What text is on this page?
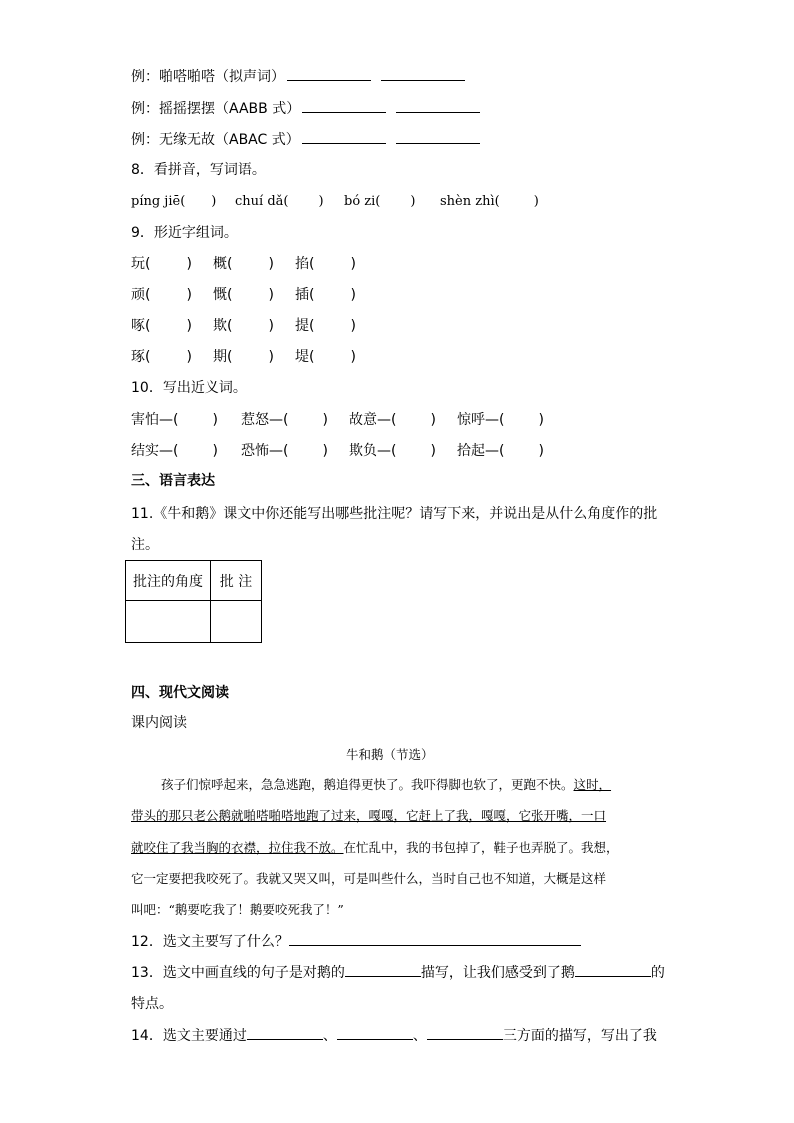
例：啪嗒啪嗒（拟声词）
例：摇摇摆摆（AABB 式）
例：无缘无故（ABAC 式）
8．看拼音，写词语。
píng jiē( ) chuí dǎ( ) bó zi( ) shèn zhì(	)
9．形近字组词。
玩(	) 概(	) 掐(	)
顽(	) 慨(	) 插(	)
啄(	) 欺(	) 提(	)
琢(	) 期(	) 堤(	)
10．写出近义词。
害怕—( ) 惹怒—( ) 故意—( ) 惊呼—( )
结实—( ) 恐怖—( ) 欺负—( ) 拾起—( )
三、语言表达
11.《牛和鹅》课文中你还能写出哪些批注呢？请写下来，并说出是从什么角度作的批
注。
批注的角度	批 注

四、现代文阅读
课内阅读
牛和鹅（节选）
孩子们惊呼起来，急急逃跑，鹅追得更快了。我吓得脚也软了，更跑不快。这时，
带头的那只老公鹅就啪嗒啪嗒地跑了过来，嘎嘎，它赶上了我，嘎嘎，它张开嘴，一口
就咬住了我当胸的衣襟，拉住我不放。在忙乱中，我的书包掉了，鞋子也弄脱了。我想，
它一定要把我咬死了。我就又哭又叫，可是叫些什么，当时自己也不知道，大概是这样
叫吧：“鹅要吃我了！鹅要咬死我了！”
12．选文主要写了什么？
13．选文中画直线的句子是对鹅的	描写，让我们感受到了鹅	的
特点。
14．选文主要通过	、	、	三方面的描写，写出了我
